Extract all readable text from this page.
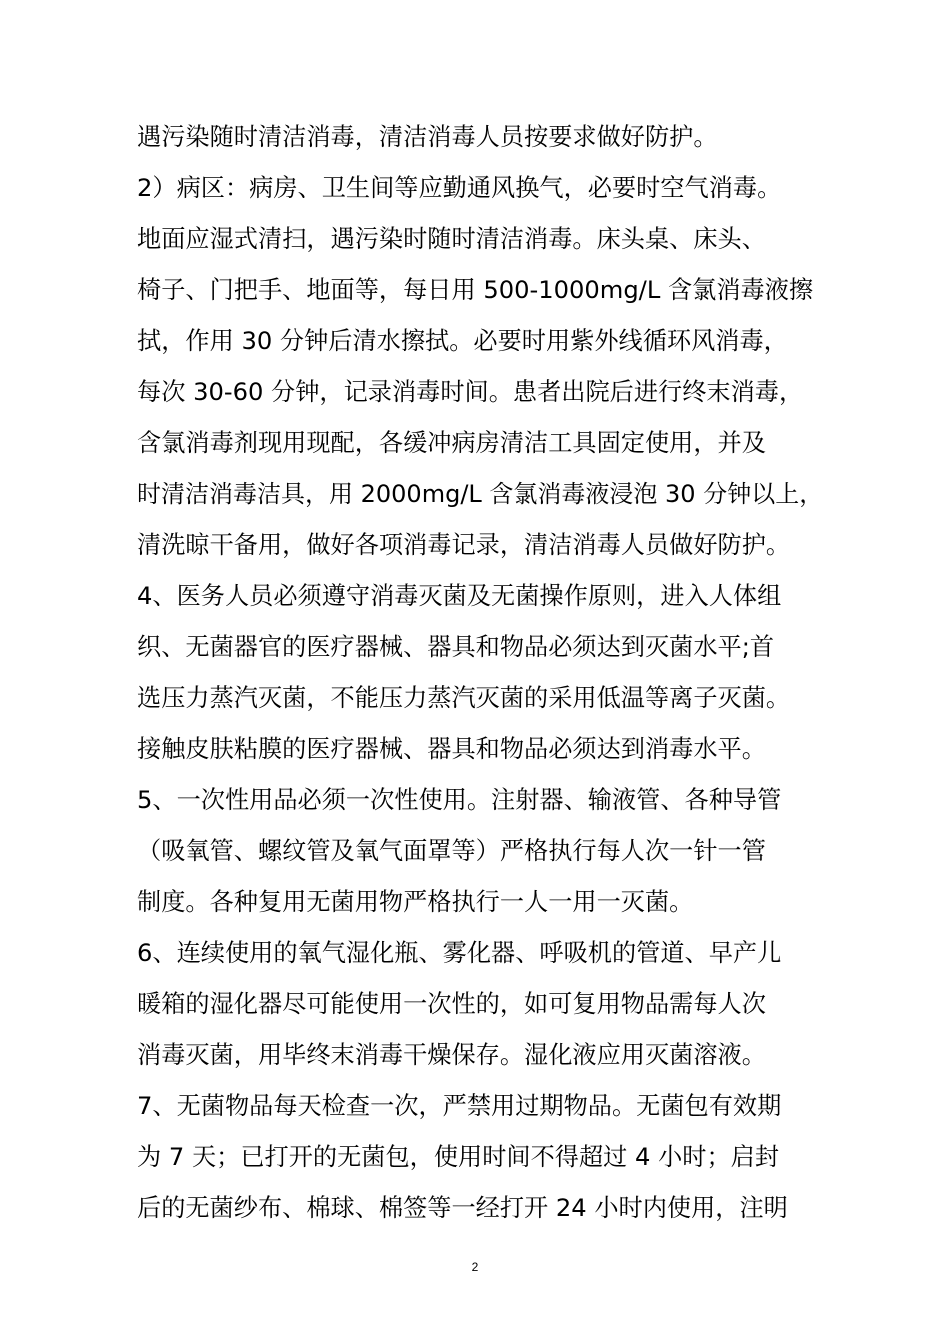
遇污染随时清洁消毒，清洁消毒人员按要求做好防护。
2）病区：病房、卫生间等应勤通风换气，必要时空气消毒。
地面应湿式清扫，遇污染时随时清洁消毒。床头桌、床头、
椅子、门把手、地面等，每日用 500-1000mg/L 含氯消毒液擦
拭，作用 30 分钟后清水擦拭。必要时用紫外线循环风消毒，
每次 30-60 分钟，记录消毒时间。患者出院后进行终末消毒，
含氯消毒剂现用现配，各缓冲病房清洁工具固定使用，并及
时清洁消毒洁具，用 2000mg/L 含氯消毒液浸泡 30 分钟以上，
清洗晾干备用，做好各项消毒记录，清洁消毒人员做好防护。
4、医务人员必须遵守消毒灭菌及无菌操作原则，进入人体组
织、无菌器官的医疗器械、器具和物品必须达到灭菌水平;首
选压力蒸汽灭菌，不能压力蒸汽灭菌的采用低温等离子灭菌。
接触皮肤粘膜的医疗器械、器具和物品必须达到消毒水平。
5、一次性用品必须一次性使用。注射器、输液管、各种导管
（吸氧管、螺纹管及氧气面罩等）严格执行每人次一针一管
制度。各种复用无菌用物严格执行一人一用一灭菌。
6、连续使用的氧气湿化瓶、雾化器、呼吸机的管道、早产儿
暖箱的湿化器尽可能使用一次性的，如可复用物品需每人次
消毒灭菌，用毕终末消毒干燥保存。湿化液应用灭菌溶液。
7、无菌物品每天检查一次，严禁用过期物品。无菌包有效期
为 7 天；已打开的无菌包，使用时间不得超过 4 小时；启封
后的无菌纱布、棉球、棉签等一经打开 24 小时内使用，注明
2
